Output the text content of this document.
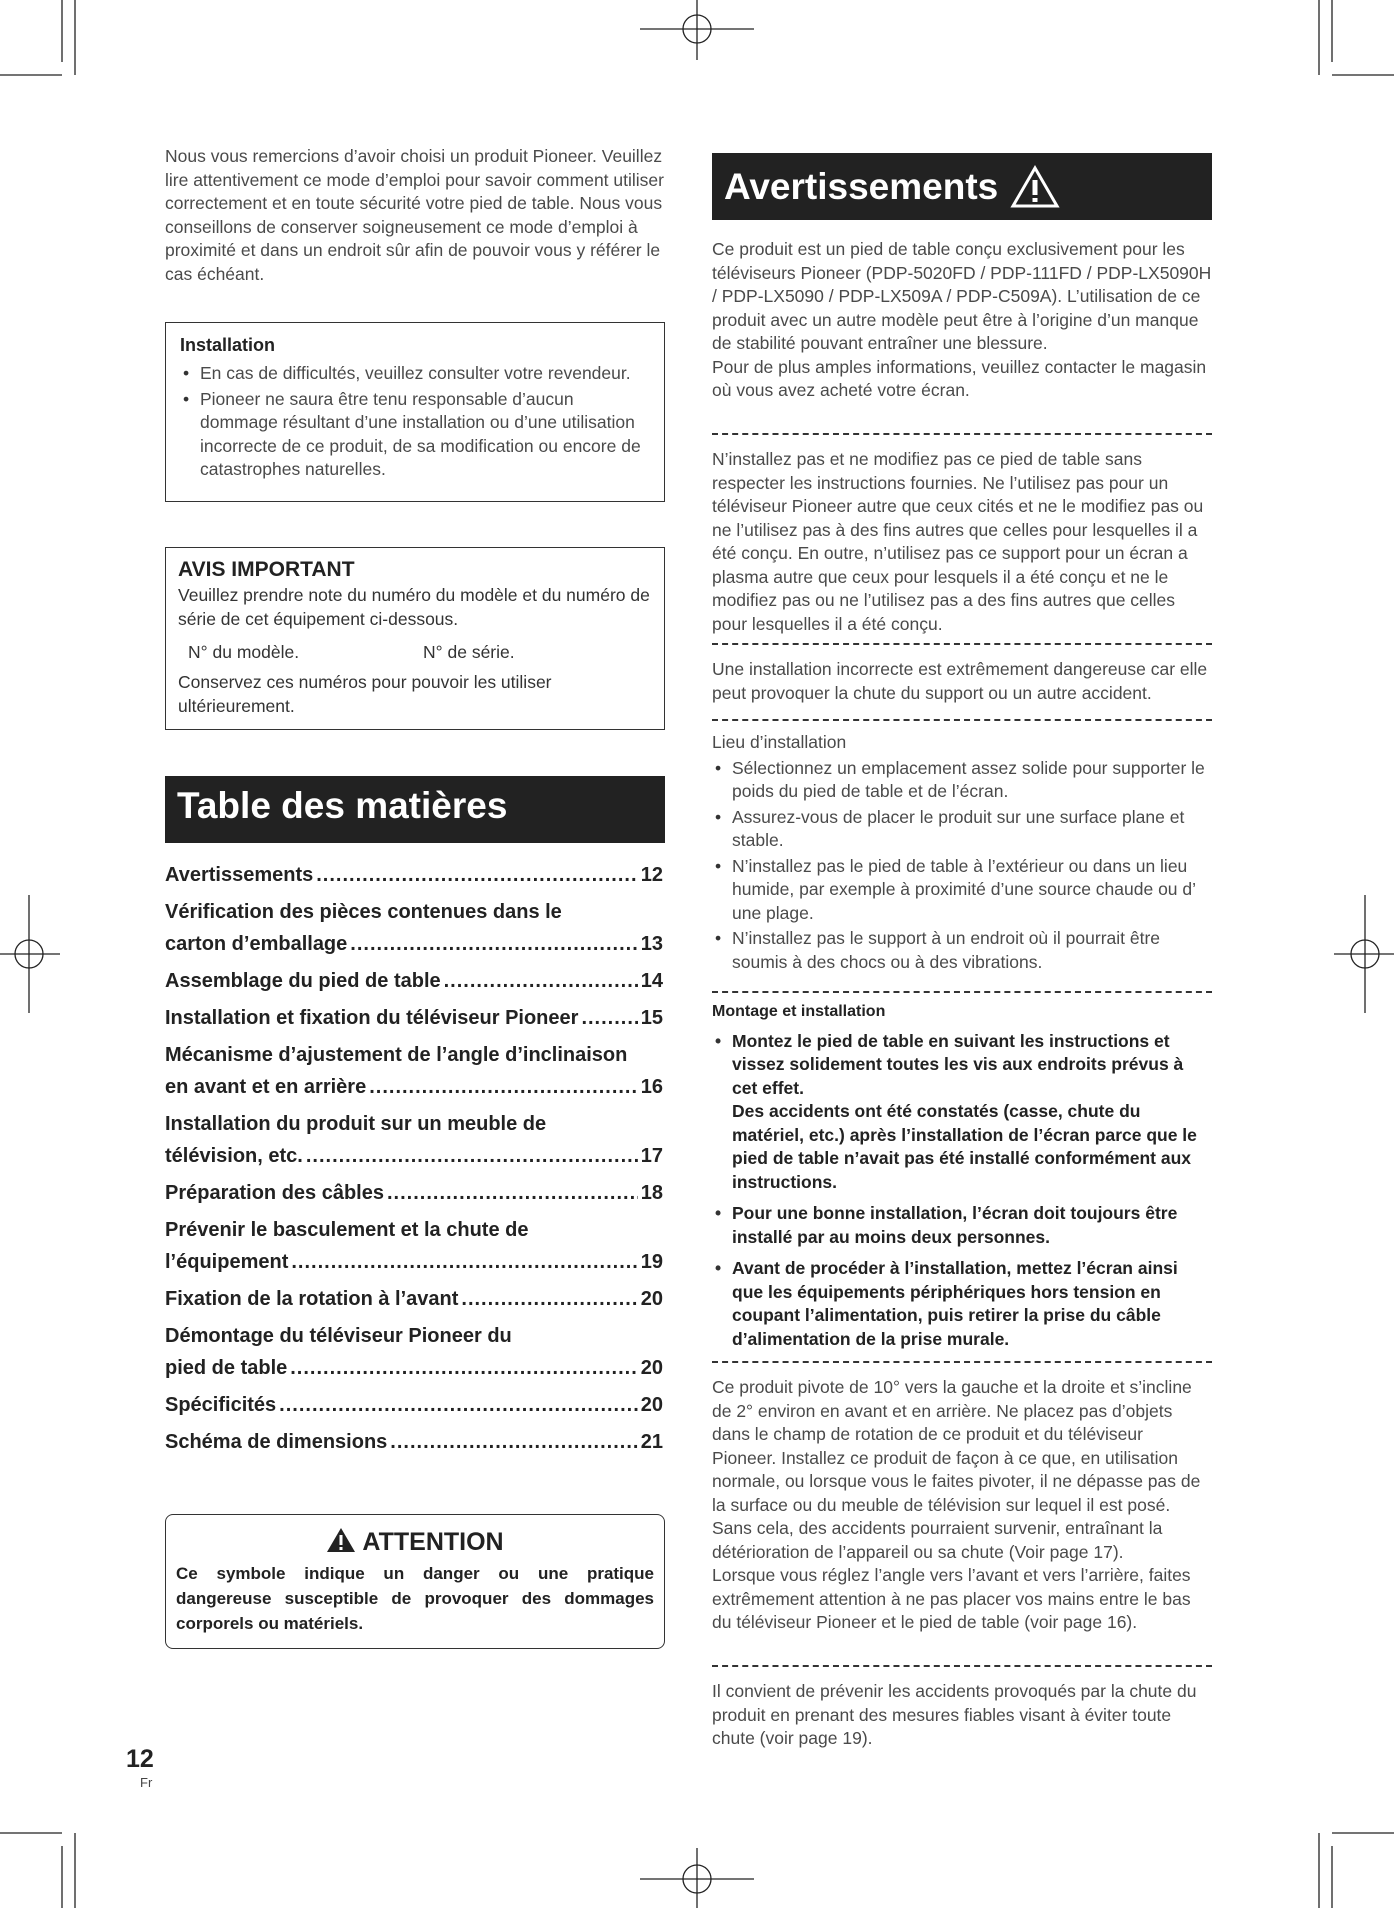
Nous vous remercions d’avoir choisi un produit Pioneer. Veuillez lire attentivement ce mode d’emploi pour savoir comment utiliser correctement et en toute sécurité votre pied de table. Nous vous conseillons de conserver soigneusement ce mode d’emploi à proximité et dans un endroit sûr afin de pouvoir vous y référer le cas échéant.
Installation
• En cas de difficultés, veuillez consulter votre revendeur.
• Pioneer ne saura être tenu responsable d’aucun dommage résultant d’une installation ou d’une utilisation incorrecte de ce produit, de sa modification ou encore de catastrophes naturelles.
AVIS IMPORTANT
Veuillez prendre note du numéro du modèle et du numéro de série de cet équipement ci-dessous.
N° du modèle.	N° de série.
Conservez ces numéros pour pouvoir les utiliser ultérieurement.
Table des matières
Avertissements .....	12
Vérification des pièces contenues dans le
carton d’emballage .....	13
Assemblage du pied de table .....	14
Installation et fixation du téléviseur Pioneer .....	15
Mécanisme d’ajustement de l’angle d’inclinaison
en avant et en arrière .....	16
Installation du produit sur un meuble de
télévision, etc. .....	17
Préparation des câbles .....	18
Prévenir le basculement et la chute de
l’équipement .....	19
Fixation de la rotation à l’avant .....	20
Démontage du téléviseur Pioneer du
pied de table .....	20
Spécificités .....	20
Schéma de dimensions .....	21
ATTENTION
Ce symbole indique un danger ou une pratique dangereuse susceptible de provoquer des dommages corporels ou matériels.
12
Fr
Avertissements
Ce produit est un pied de table conçu exclusivement pour les téléviseurs Pioneer (PDP-5020FD / PDP-111FD / PDP-LX5090H / PDP-LX5090 / PDP-LX509A / PDP-C509A). L’utilisation de ce produit avec un autre modèle peut être à l’origine d’un manque de stabilité pouvant entraîner une blessure.
Pour de plus amples informations, veuillez contacter le magasin où vous avez acheté votre écran.
N’installez pas et ne modifiez pas ce pied de table sans respecter les instructions fournies. Ne l’utilisez pas pour un téléviseur Pioneer autre que ceux cités et ne le modifiez pas ou ne l’utilisez pas à des fins autres que celles pour lesquelles il a été conçu. En outre, n’utilisez pas ce support pour un écran a plasma autre que ceux pour lesquels il a été conçu et ne le modifiez pas ou ne l’utilisez pas a des fins autres que celles pour lesquelles il a été conçu.
Une installation incorrecte est extrêmement dangereuse car elle peut provoquer la chute du support ou un autre accident.
Lieu d’installation
• Sélectionnez un emplacement assez solide pour supporter le poids du pied de table et de l’écran.
• Assurez-vous de placer le produit sur une surface plane et stable.
• N’installez pas le pied de table à l’extérieur ou dans un lieu humide, par exemple à proximité d’une source chaude ou d’ une plage.
• N’installez pas le support à un endroit où il pourrait être soumis à des chocs ou à des vibrations.
Montage et installation
• Montez le pied de table en suivant les instructions et vissez solidement toutes les vis aux endroits prévus à cet effet.
Des accidents ont été constatés (casse, chute du matériel, etc.) après l’installation de l’écran parce que le pied de table n’avait pas été installé conformément aux instructions.
• Pour une bonne installation, l’écran doit toujours être installé par au moins deux personnes.
• Avant de procéder à l’installation, mettez l’écran ainsi que les équipements périphériques hors tension en coupant l’alimentation, puis retirer la prise du câble d’alimentation de la prise murale.
Ce produit pivote de 10° vers la gauche et la droite et s’incline de 2° environ en avant et en arrière. Ne placez pas d’objets dans le champ de rotation de ce produit et du téléviseur Pioneer. Installez ce produit de façon à ce que, en utilisation normale, ou lorsque vous le faites pivoter, il ne dépasse pas de la surface ou du meuble de télévision sur lequel il est posé. Sans cela, des accidents pourraient survenir, entraînant la détérioration de l’appareil ou sa chute (Voir page 17).
Lorsque vous réglez l’angle vers l’avant et vers l’arrière, faites extrêmement attention à ne pas placer vos mains entre le bas du téléviseur Pioneer et le pied de table (voir page 16).
Il convient de prévenir les accidents provoqués par la chute du produit en prenant des mesures fiables visant à éviter toute chute (voir page 19).
